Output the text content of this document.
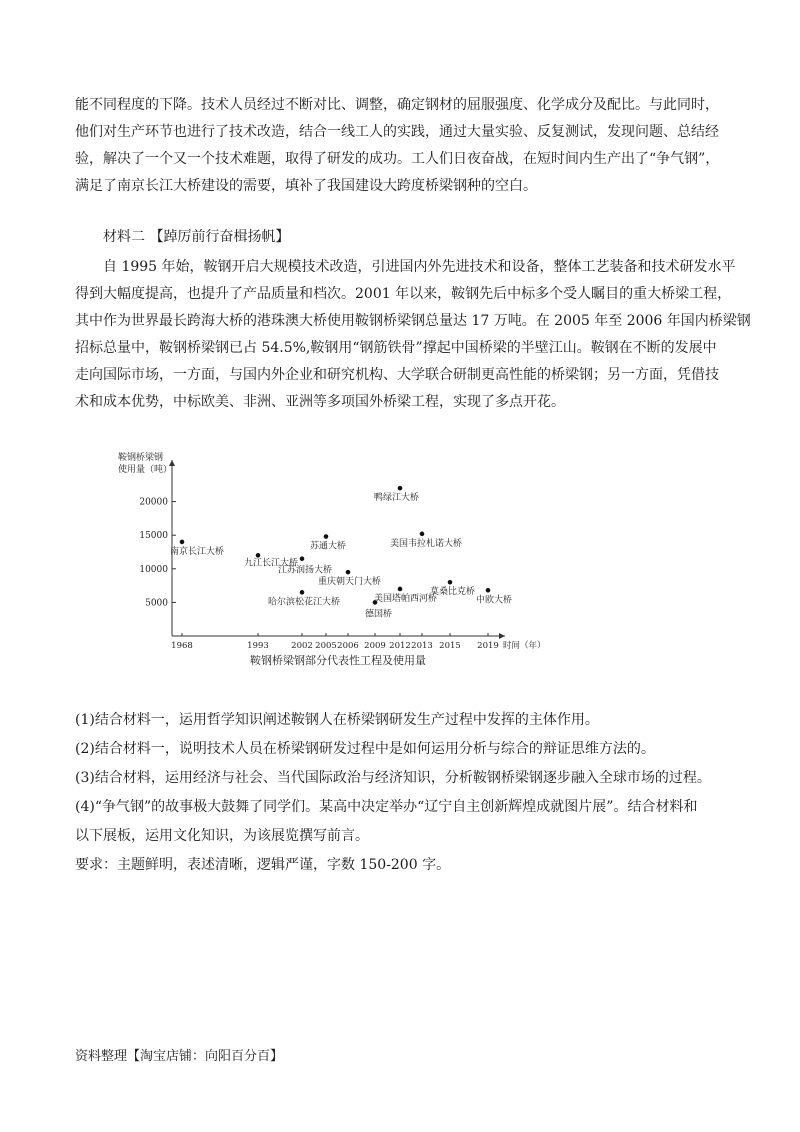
能不同程度的下降。技术人员经过不断对比、调整，确定钢材的屈服强度、化学成分及配比。与此同时，
他们对生产环节也进行了技术改造，结合一线工人的实践，通过大量实验、反复测试，发现问题、总结经
验，解决了一个又一个技术难题，取得了研发的成功。工人们日夜奋战，在短时间内生产出了“争气钢”，
满足了南京长江大桥建设的需要，填补了我国建设大跨度桥梁钢种的空白。

材料二 【踔厉前行奋楫扬帆】

自 1995 年始，鞍钢开启大规模技术改造，引进国内外先进技术和设备，整体工艺装备和技术研发水平
得到大幅度提高，也提升了产品质量和档次。2001 年以来，鞍钢先后中标多个受人瞩目的重大桥梁工程，
其中作为世界最长跨海大桥的港珠澳大桥使用鞍钢桥梁钢总量达 17 万吨。在 2005 年至 2006 年国内桥梁钢
招标总量中，鞍钢桥梁钢已占 54.5%,鞍钢用“钢筋铁骨”撑起中国桥梁的半壁江山。鞍钢在不断的发展中
走向国际市场，一方面，与国内外企业和研究机构、大学联合研制更高性能的桥梁钢；另一方面，凭借技
术和成本优势，中标欧美、非洲、亚洲等多项国外桥梁工程，实现了多点开花。
5000
10000
15000
20000
1968	1993	2002 2005 2006 2009 2012 2013 2015 2019
南京长江大桥
九江长江大桥
江苏润扬大桥
哈尔滨松花江大桥
苏通大桥
重庆朝天门大桥
德国桥
鸭绿江大桥
美国塔帕西河桥
美国韦拉札诺大桥
莫桑比克桥
中欧大桥
鞍钢桥梁钢
使用量（吨）
时间（年）
鞍钢桥梁钢部分代表性工程及使用量

(1)结合材料一，运用哲学知识阐述鞍钢人在桥梁钢研发生产过程中发挥的主体作用。

(2)结合材料一，说明技术人员在桥梁钢研发过程中是如何运用分析与综合的辩证思维方法的。

(3)结合材料，运用经济与社会、当代国际政治与经济知识，分析鞍钢桥梁钢逐步融入全球市场的过程。

(4)“争气钢”的故事极大鼓舞了同学们。某高中决定举办“辽宁自主创新辉煌成就图片展”。结合材料和

以下展板，运用文化知识，为该展览撰写前言。

要求：主题鲜明，表述清晰，逻辑严谨，字数 150-200 字。

资料整理【淘宝店铺：向阳百分百】
